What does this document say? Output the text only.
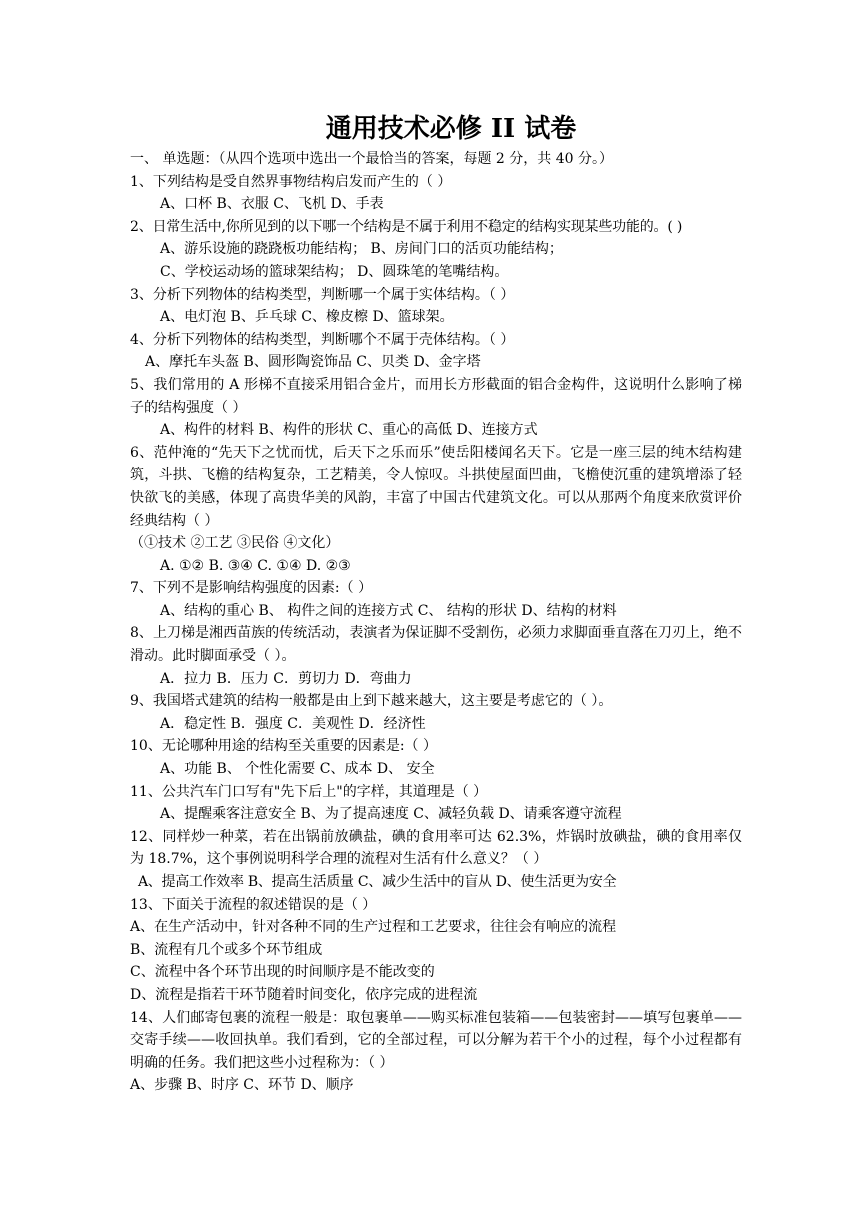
通用技术必修 II 试卷

一、 单选题：（从四个选项中选出一个最恰当的答案，每题 2 分，共 40 分。）

1、下列结构是受自然界事物结构启发而产生的（ ）

A、口杯 B、衣服 C、飞机 D、手表

2、日常生活中,你所见到的以下哪一个结构是不属于利用不稳定的结构实现某些功能的。( )

A、游乐设施的跷跷板功能结构； B、房间门口的活页功能结构；

C、学校运动场的篮球架结构； D、圆珠笔的笔嘴结构。

3、分析下列物体的结构类型，判断哪一个属于实体结构。（ ）

A、电灯泡 B、乒乓球 C、橡皮檫 D、篮球架。

4、分析下列物体的结构类型，判断哪个不属于壳体结构。（ ）

A、摩托车头盔 B、圆形陶瓷饰品 C、贝类 D、金字塔

5、我们常用的 A 形梯不直接采用铝合金片，而用长方形截面的铝合金构件，这说明什么影响了梯子的结构强度（ ）

A、构件的材料 B、构件的形状 C、重心的高低 D、连接方式

6、范仲淹的“先天下之忧而忧，后天下之乐而乐”使岳阳楼闻名天下。它是一座三层的纯木结构建筑，斗拱、飞檐的结构复杂，工艺精美，令人惊叹。斗拱使屋面凹曲，飞檐使沉重的建筑增添了轻快欲飞的美感，体现了高贵华美的风韵，丰富了中国古代建筑文化。可以从那两个角度来欣赏评价经典结构（ ）

（①技术 ②工艺 ③民俗 ④文化）

A. ①② B. ③④ C. ①④ D. ②③

7、下列不是影响结构强度的因素:（ ）

A、结构的重心 B、 构件之间的连接方式 C、 结构的形状 D、结构的材料

8、上刀梯是湘西苗族的传统活动，表演者为保证脚不受割伤，必须力求脚面垂直落在刀刃上，绝不滑动。此时脚面承受（ ）。

A．拉力 B．压力 C．剪切力 D．弯曲力

9、我国塔式建筑的结构一般都是由上到下越来越大，这主要是考虑它的（ ）。

A．稳定性 B．强度 C．美观性 D．经济性

10、无论哪种用途的结构至关重要的因素是:（ ）

A、功能 B、 个性化需要 C、成本 D、 安全

11、公共汽车门口写有"先下后上"的字样，其道理是（ ）

A、提醒乘客注意安全 B、为了提高速度 C、减轻负载 D、请乘客遵守流程

12、同样炒一种菜，若在出锅前放碘盐，碘的食用率可达 62.3%，炸锅时放碘盐，碘的食用率仅为 18.7%，这个事例说明科学合理的流程对生活有什么意义？（ ）

A、提高工作效率 B、提高生活质量 C、减少生活中的盲从 D、使生活更为安全

13、下面关于流程的叙述错误的是（ ）

A、在生产活动中，针对各种不同的生产过程和工艺要求，往往会有响应的流程

B、流程有几个或多个环节组成

C、流程中各个环节出现的时间顺序是不能改变的

D、流程是指若干环节随着时间变化，依序完成的进程流

14、人们邮寄包裹的流程一般是：取包裹单——购买标准包装箱——包装密封——填写包裹单——交寄手续——收回执单。我们看到，它的全部过程，可以分解为若干个小的过程，每个小过程都有明确的任务。我们把这些小过程称为：（ ）

A、步骤 B、时序 C、环节 D、顺序
